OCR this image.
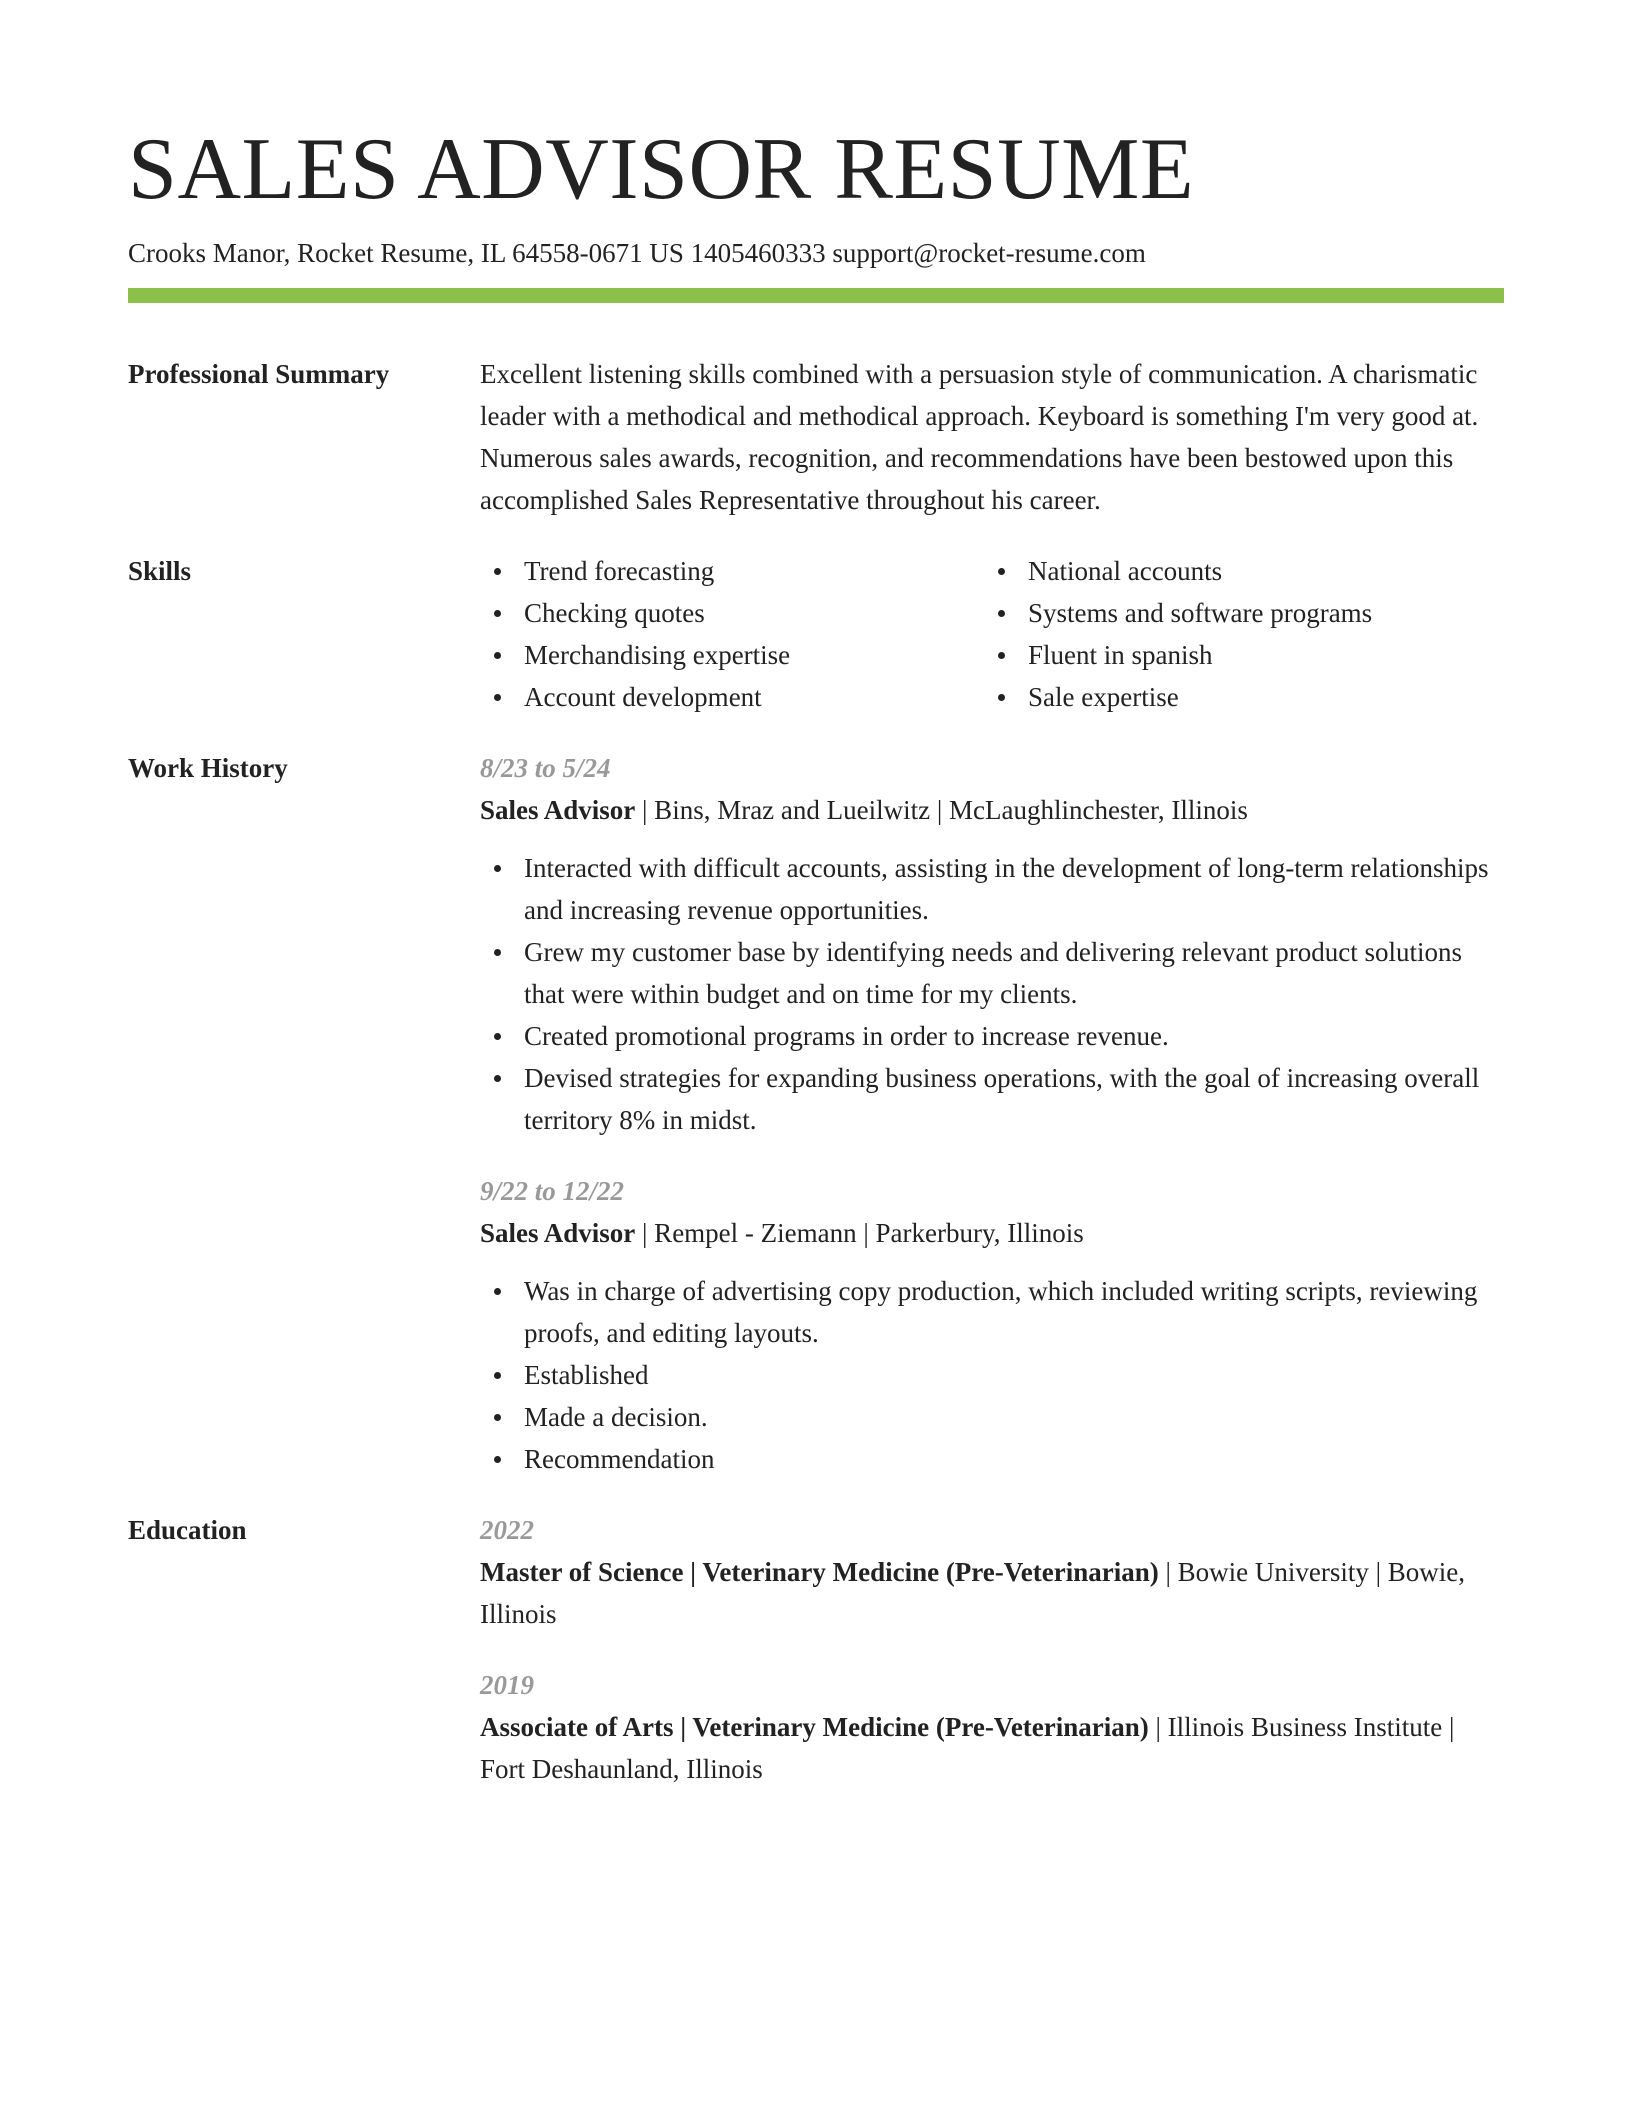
SALES ADVISOR RESUME
Crooks Manor, Rocket Resume, IL 64558-0671 US 1405460333 support@rocket-resume.com
Professional Summary	Excellent listening skills combined with a persuasion style of communication. A charismatic leader with a methodical and methodical approach. Keyboard is something I'm very good at. Numerous sales awards, recognition, and recommendations have been bestowed upon this accomplished Sales Representative throughout his career.
Skills	Trend forecasting
Checking quotes
Merchandising expertise
Account development
National accounts
Systems and software programs
Fluent in spanish
Sale expertise
Work History	8/23 to 5/24
Sales Advisor | Bins, Mraz and Lueilwitz | McLaughlinchester, Illinois
Interacted with difficult accounts, assisting in the development of long-term relationships and increasing revenue opportunities.
Grew my customer base by identifying needs and delivering relevant product solutions that were within budget and on time for my clients.
Created promotional programs in order to increase revenue.
Devised strategies for expanding business operations, with the goal of increasing overall territory 8% in midst.
9/22 to 12/22
Sales Advisor | Rempel - Ziemann | Parkerbury, Illinois
Was in charge of advertising copy production, which included writing scripts, reviewing proofs, and editing layouts.
Established
Made a decision.
Recommendation
Education	2022
Master of Science | Veterinary Medicine (Pre-Veterinarian) | Bowie University | Bowie, Illinois
2019
Associate of Arts | Veterinary Medicine (Pre-Veterinarian) | Illinois Business Institute | Fort Deshaunland, Illinois
